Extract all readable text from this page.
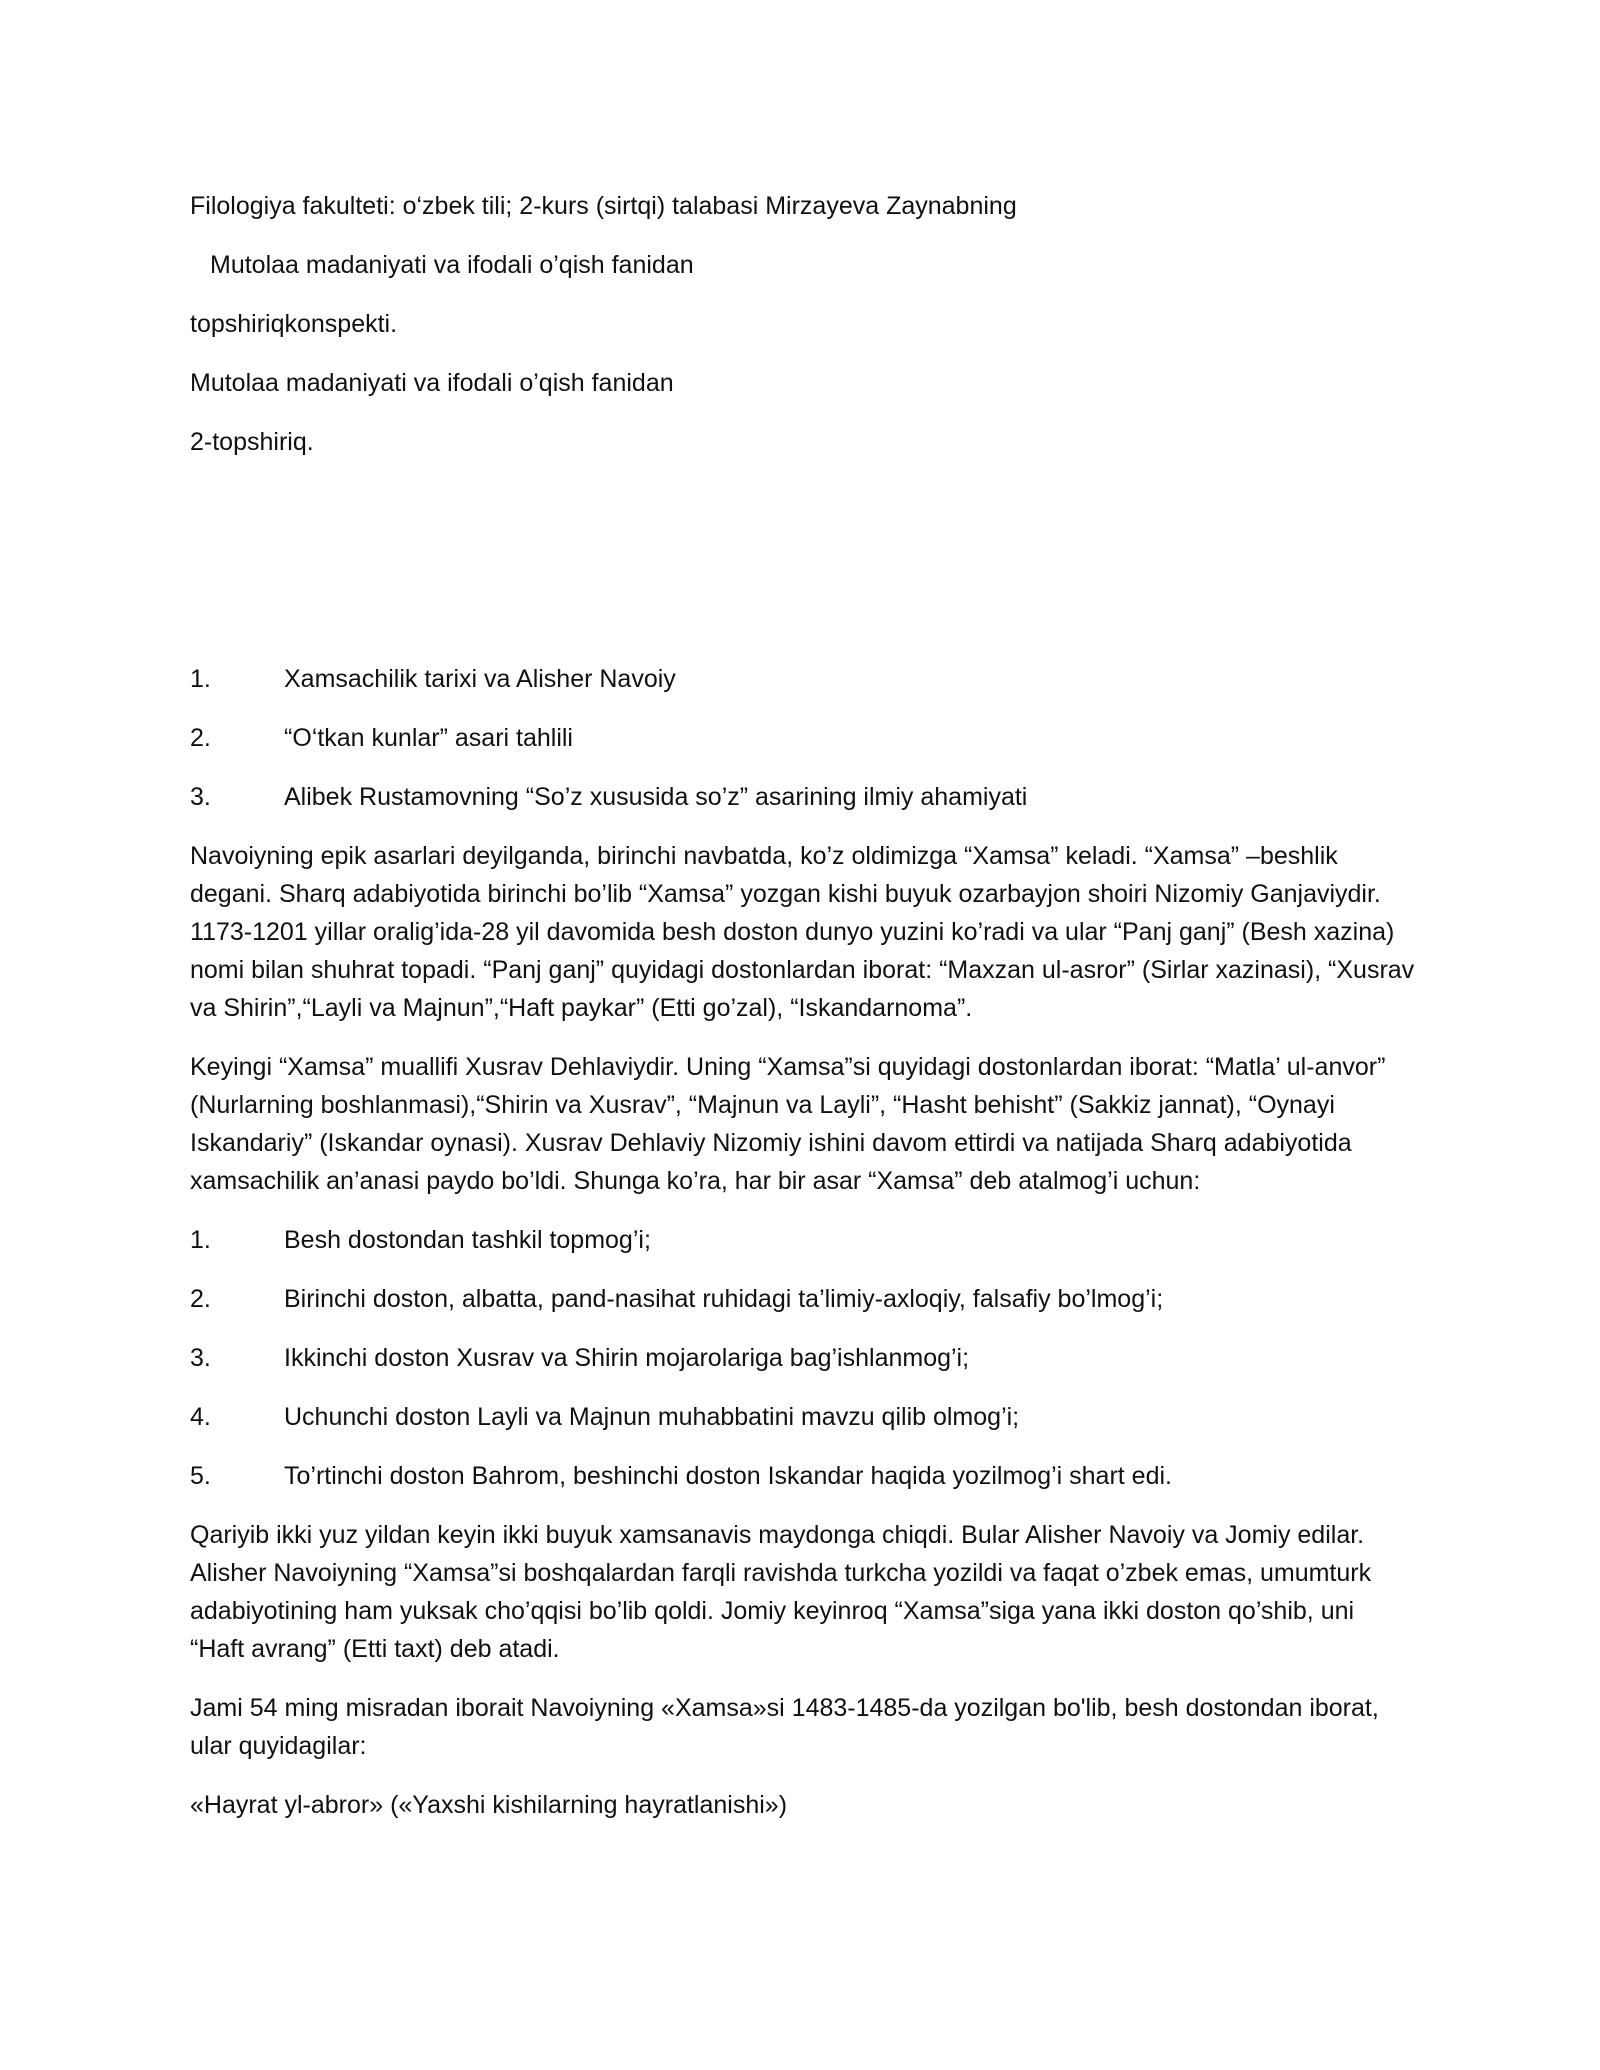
Filologiya fakulteti: o‘zbek tili; 2-kurs (sirtqi) talabasi Mirzayeva Zaynabning
Mutolaa madaniyati va ifodali o’qish fanidan
topshiriqkonspekti.
Mutolaa madaniyati va ifodali o’qish fanidan
2-topshiriq.
1.	Xamsachilik tarixi va Alisher Navoiy
2.	“O‘tkan kunlar” asari tahlili
3.	Alibek Rustamovning “So’z xususida so’z” asarining ilmiy ahamiyati
Navoiyning epik asarlari deyilganda, birinchi navbatda, ko’z oldimizga “Xamsa” keladi. “Xamsa” –beshlik degani. Sharq adabiyotida birinchi bo’lib “Xamsa” yozgan kishi buyuk ozarbayjon shoiri Nizomiy Ganjaviydir. 1173-1201 yillar oralig’ida-28 yil davomida besh doston dunyo yuzini ko’radi va ular “Panj ganj” (Besh xazina) nomi bilan shuhrat topadi. “Panj ganj” quyidagi dostonlardan iborat: “Maxzan ul-asror” (Sirlar xazinasi), “Xusrav va Shirin”,“Layli va Majnun”,“Haft paykar” (Etti go’zal), “Iskandarnoma”.
Keyingi “Xamsa” muallifi Xusrav Dehlaviydir. Uning “Xamsa”si quyidagi dostonlardan iborat: “Matla’ ul-anvor” (Nurlarning boshlanmasi),“Shirin va Xusrav”, “Majnun va Layli”, “Hasht behisht” (Sakkiz jannat), “Oynayi Iskandariy” (Iskandar oynasi). Xusrav Dehlaviy Nizomiy ishini davom ettirdi va natijada Sharq adabiyotida xamsachilik an’anasi paydo bo’ldi. Shunga ko’ra, har bir asar “Xamsa” deb atalmog’i uchun:
1.	Besh dostondan tashkil topmog’i;
2.	Birinchi doston, albatta, pand-nasihat ruhidagi ta’limiy-axloqiy, falsafiy bo’lmog’i;
3.	Ikkinchi doston Xusrav va Shirin mojarolariga bag’ishlanmog’i;
4.	Uchunchi doston Layli va Majnun muhabbatini mavzu qilib olmog’i;
5.	To’rtinchi doston Bahrom, beshinchi doston Iskandar haqida yozilmog’i shart edi.
Qariyib ikki yuz yildan keyin ikki buyuk xamsanavis maydonga chiqdi. Bular Alisher Navoiy va Jomiy edilar. Alisher Navoiyning “Xamsa”si boshqalardan farqli ravishda turkcha yozildi va faqat o’zbek emas, umumturk adabiyotining ham yuksak cho’qqisi bo’lib qoldi. Jomiy keyinroq “Xamsa”siga yana ikki doston qo’shib, uni “Haft avrang” (Etti taxt) deb atadi.
Jami 54 ming misradan iborait Navoiyning «Xamsa»si 1483-1485-da yozilgan bo'lib, besh dostondan iborat, ular quyidagilar:
«Hayrat yl-abror» («Yaxshi kishilarning hayratlanishi»)
